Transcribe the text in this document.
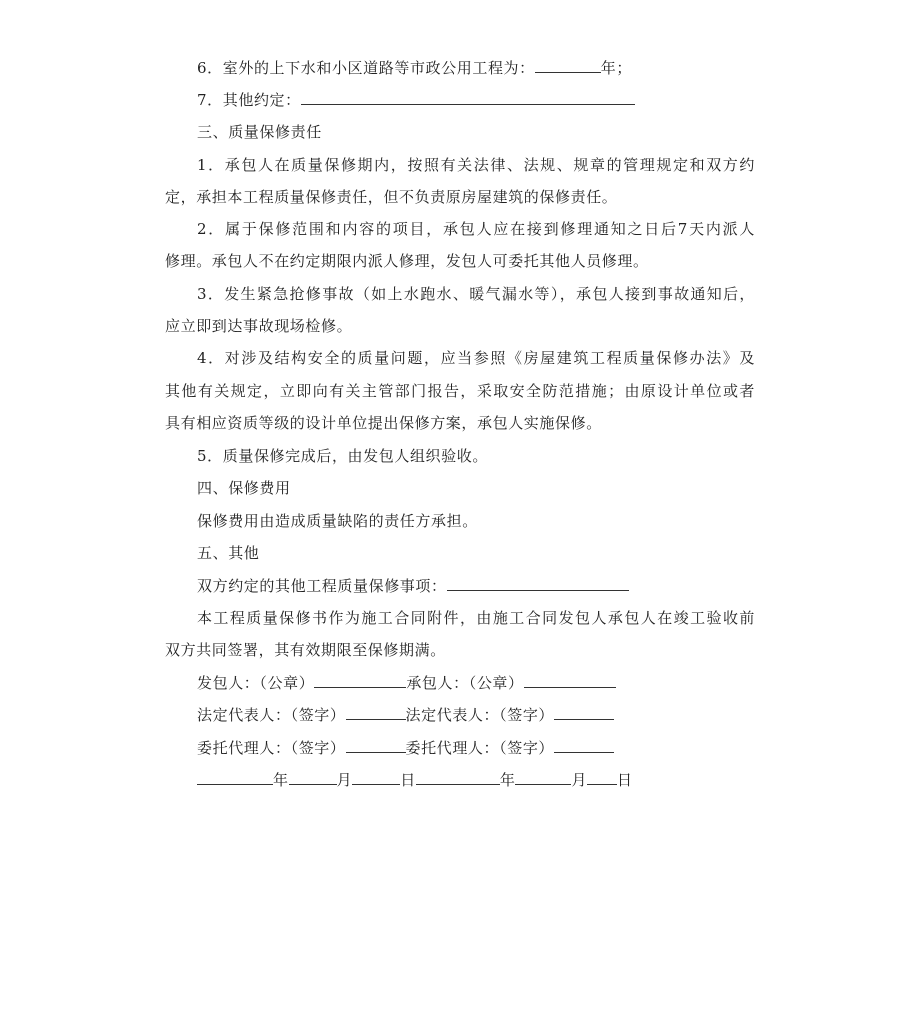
6．室外的上下水和小区道路等市政公用工程为：	年；
7．其他约定：
三、质量保修责任
1．承包人在质量保修期内，按照有关法律、法规、规章的管理规定和双方约
定，承担本工程质量保修责任，但不负责原房屋建筑的保修责任。
2．属于保修范围和内容的项目，承包人应在接到修理通知之日后7天内派人
修理。承包人不在约定期限内派人修理，发包人可委托其他人员修理。
3．发生紧急抢修事故（如上水跑水、暖气漏水等），承包人接到事故通知后，
应立即到达事故现场检修。
4．对涉及结构安全的质量问题，应当参照《房屋建筑工程质量保修办法》及
其他有关规定，立即向有关主管部门报告，采取安全防范措施；由原设计单位或者
具有相应资质等级的设计单位提出保修方案，承包人实施保修。
5．质量保修完成后，由发包人组织验收。
四、保修费用
保修费用由造成质量缺陷的责任方承担。
五、其他
双方约定的其他工程质量保修事项：
本工程质量保修书作为施工合同附件，由施工合同发包人承包人在竣工验收前
双方共同签署，其有效期限至保修期满。
发包人：（公章）	承包人：（公章）
法定代表人：（签字）	法定代表人：（签字）
委托代理人：（签字）	委托代理人：（签字）
年	月	日	年	月 日
